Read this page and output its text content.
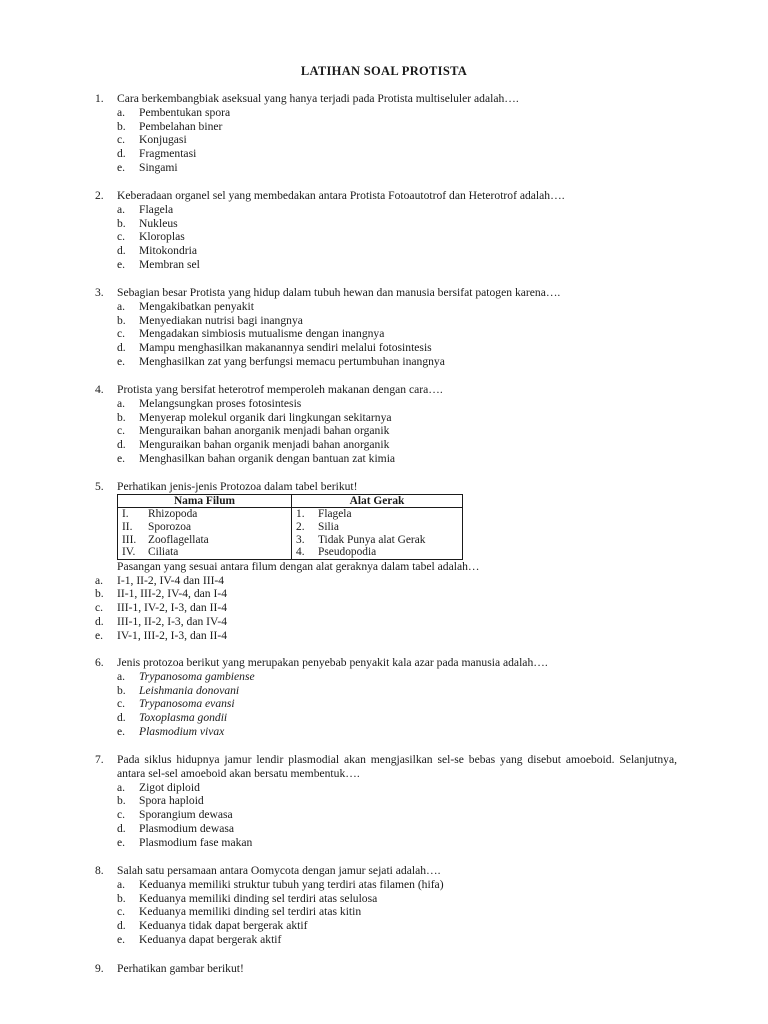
LATIHAN SOAL PROTISTA
1.	Cara berkembangbiak aseksual yang hanya terjadi pada Protista multiseluler adalah….
a.	Pembentukan spora
b.	Pembelahan biner
c.	Konjugasi
d.	Fragmentasi
e.	Singami
2.	Keberadaan organel sel yang membedakan antara Protista Fotoautotrof dan Heterotrof adalah….
a.	Flagela
b.	Nukleus
c.	Kloroplas
d.	Mitokondria
e.	Membran sel
3.	Sebagian besar Protista yang hidup dalam tubuh hewan dan manusia bersifat patogen karena….
a.	Mengakibatkan penyakit
b.	Menyediakan nutrisi bagi inangnya
c.	Mengadakan simbiosis mutualisme dengan inangnya
d.	Mampu menghasilkan makanannya sendiri melalui fotosintesis
e.	Menghasilkan zat yang berfungsi memacu pertumbuhan inangnya
4.	Protista yang bersifat heterotrof memperoleh makanan dengan cara….
a.	Melangsungkan proses fotosintesis
b.	Menyerap molekul organik dari lingkungan sekitarnya
c.	Menguraikan bahan anorganik menjadi bahan organik
d.	Menguraikan bahan organik menjadi bahan anorganik
e.	Menghasilkan bahan organik dengan bantuan zat kimia
5.	Perhatikan jenis-jenis Protozoa dalam tabel berikut!
Nama Filum	Alat Gerak

I. Rhizopoda	1. Flagela

II. Sporozoa	2. Silia

III. Zooflagellata	3. Tidak Punya alat Gerak

IV. Ciliata	4. Pseudopodia
Pasangan yang sesuai antara filum dengan alat geraknya dalam tabel adalah…
a.	I-1, II-2, IV-4 dan III-4
b.	II-1, III-2, IV-4, dan I-4
c.	III-1, IV-2, I-3, dan II-4
d.	III-1, II-2, I-3, dan IV-4
e.	IV-1, III-2, I-3, dan II-4
6.	Jenis protozoa berikut yang merupakan penyebab penyakit kala azar pada manusia adalah….
a.	Trypanosoma gambiense
b.	Leishmania donovani
c.	Trypanosoma evansi
d.	Toxoplasma gondii
e.	Plasmodium vivax
7.	Pada siklus hidupnya jamur lendir plasmodial akan mengjasilkan sel-se bebas yang disebut amoeboid. Selanjutnya, antara sel-sel amoeboid akan bersatu membentuk….
a.	Zigot diploid
b.	Spora haploid
c.	Sporangium dewasa
d.	Plasmodium dewasa
e.	Plasmodium fase makan
8.	Salah satu persamaan antara Oomycota dengan jamur sejati adalah….
a.	Keduanya memiliki struktur tubuh yang terdiri atas filamen (hifa)
b.	Keduanya memiliki dinding sel terdiri atas selulosa
c.	Keduanya memiliki dinding sel terdiri atas kitin
d.	Keduanya tidak dapat bergerak aktif
e.	Keduanya dapat bergerak aktif
9.	Perhatikan gambar berikut!
